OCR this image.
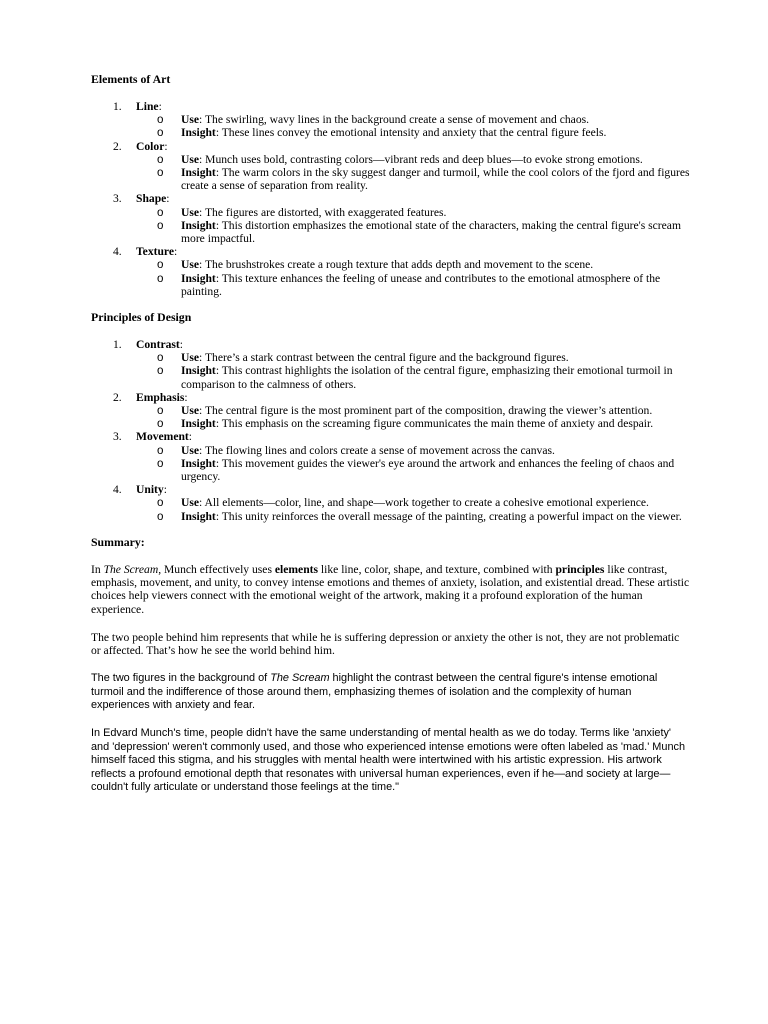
Elements of Art
1. Line:
o Use: The swirling, wavy lines in the background create a sense of movement and chaos.
o Insight: These lines convey the emotional intensity and anxiety that the central figure feels.
2. Color:
o Use: Munch uses bold, contrasting colors—vibrant reds and deep blues—to evoke strong emotions.
o Insight: The warm colors in the sky suggest danger and turmoil, while the cool colors of the fjord and figures create a sense of separation from reality.
3. Shape:
o Use: The figures are distorted, with exaggerated features.
o Insight: This distortion emphasizes the emotional state of the characters, making the central figure's scream more impactful.
4. Texture:
o Use: The brushstrokes create a rough texture that adds depth and movement to the scene.
o Insight: This texture enhances the feeling of unease and contributes to the emotional atmosphere of the painting.
Principles of Design
1. Contrast:
o Use: There’s a stark contrast between the central figure and the background figures.
o Insight: This contrast highlights the isolation of the central figure, emphasizing their emotional turmoil in comparison to the calmness of others.
2. Emphasis:
o Use: The central figure is the most prominent part of the composition, drawing the viewer’s attention.
o Insight: This emphasis on the screaming figure communicates the main theme of anxiety and despair.
3. Movement:
o Use: The flowing lines and colors create a sense of movement across the canvas.
o Insight: This movement guides the viewer's eye around the artwork and enhances the feeling of chaos and urgency.
4. Unity:
o Use: All elements—color, line, and shape—work together to create a cohesive emotional experience.
o Insight: This unity reinforces the overall message of the painting, creating a powerful impact on the viewer.
Summary:

In The Scream, Munch effectively uses elements like line, color, shape, and texture, combined with principles like contrast, emphasis, movement, and unity, to convey intense emotions and themes of anxiety, isolation, and existential dread. These artistic choices help viewers connect with the emotional weight of the artwork, making it a profound exploration of the human experience.

The two people behind him represents that while he is suffering depression or anxiety the other is not, they are not problematic or affected. That’s how he see the world behind him.

The two figures in the background of The Scream highlight the contrast between the central figure's intense emotional turmoil and the indifference of those around them, emphasizing themes of isolation and the complexity of human experiences with anxiety and fear.

In Edvard Munch's time, people didn't have the same understanding of mental health as we do today. Terms like 'anxiety' and 'depression' weren't commonly used, and those who experienced intense emotions were often labeled as 'mad.' Munch himself faced this stigma, and his struggles with mental health were intertwined with his artistic expression. His artwork reflects a profound emotional depth that resonates with universal human experiences, even if he—and society at large—couldn't fully articulate or understand those feelings at the time."
